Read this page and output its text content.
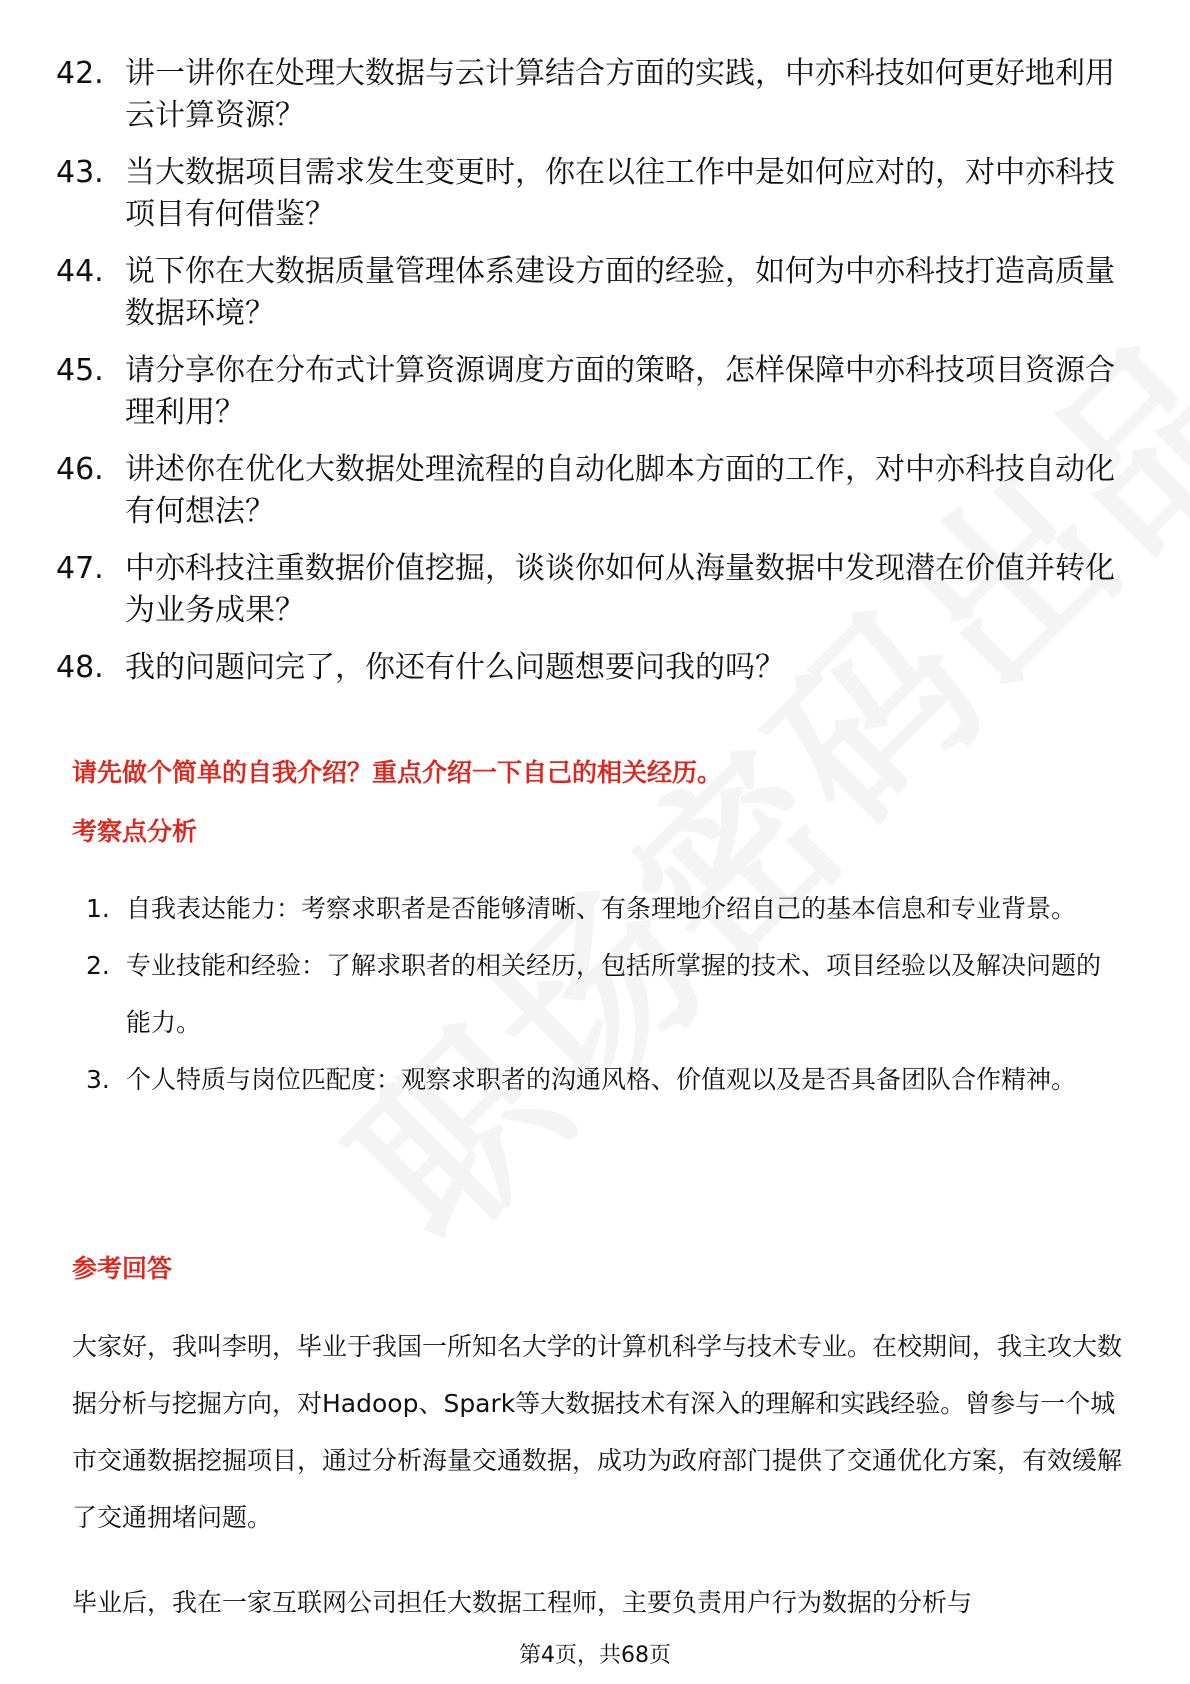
42. 讲一讲你在处理大数据与云计算结合方面的实践，中亦科技如何更好地利用云计算资源？
43. 当大数据项目需求发生变更时，你在以往工作中是如何应对的，对中亦科技项目有何借鉴？
44. 说下你在大数据质量管理体系建设方面的经验，如何为中亦科技打造高质量数据环境？
45. 请分享你在分布式计算资源调度方面的策略，怎样保障中亦科技项目资源合理利用？
46. 讲述你在优化大数据处理流程的自动化脚本方面的工作，对中亦科技自动化有何想法？
47. 中亦科技注重数据价值挖掘，谈谈你如何从海量数据中发现潜在价值并转化为业务成果？
48. 我的问题问完了，你还有什么问题想要问我的吗？
请先做个简单的自我介绍？重点介绍一下自己的相关经历。
考察点分析
1. 自我表达能力：考察求职者是否能够清晰、有条理地介绍自己的基本信息和专业背景。
2. 专业技能和经验：了解求职者的相关经历，包括所掌握的技术、项目经验以及解决问题的能力。
3. 个人特质与岗位匹配度：观察求职者的沟通风格、价值观以及是否具备团队合作精神。
参考回答

大家好，我叫李明，毕业于我国一所知名大学的计算机科学与技术专业。在校期间，我主攻大数据分析与挖掘方向，对Hadoop、Spark等大数据技术有深入的理解和实践经验。曾参与一个城市交通数据挖掘项目，通过分析海量交通数据，成功为政府部门提供了交通优化方案，有效缓解了交通拥堵问题。

毕业后，我在一家互联网公司担任大数据工程师，主要负责用户行为数据的分析与

第4页，共68页
